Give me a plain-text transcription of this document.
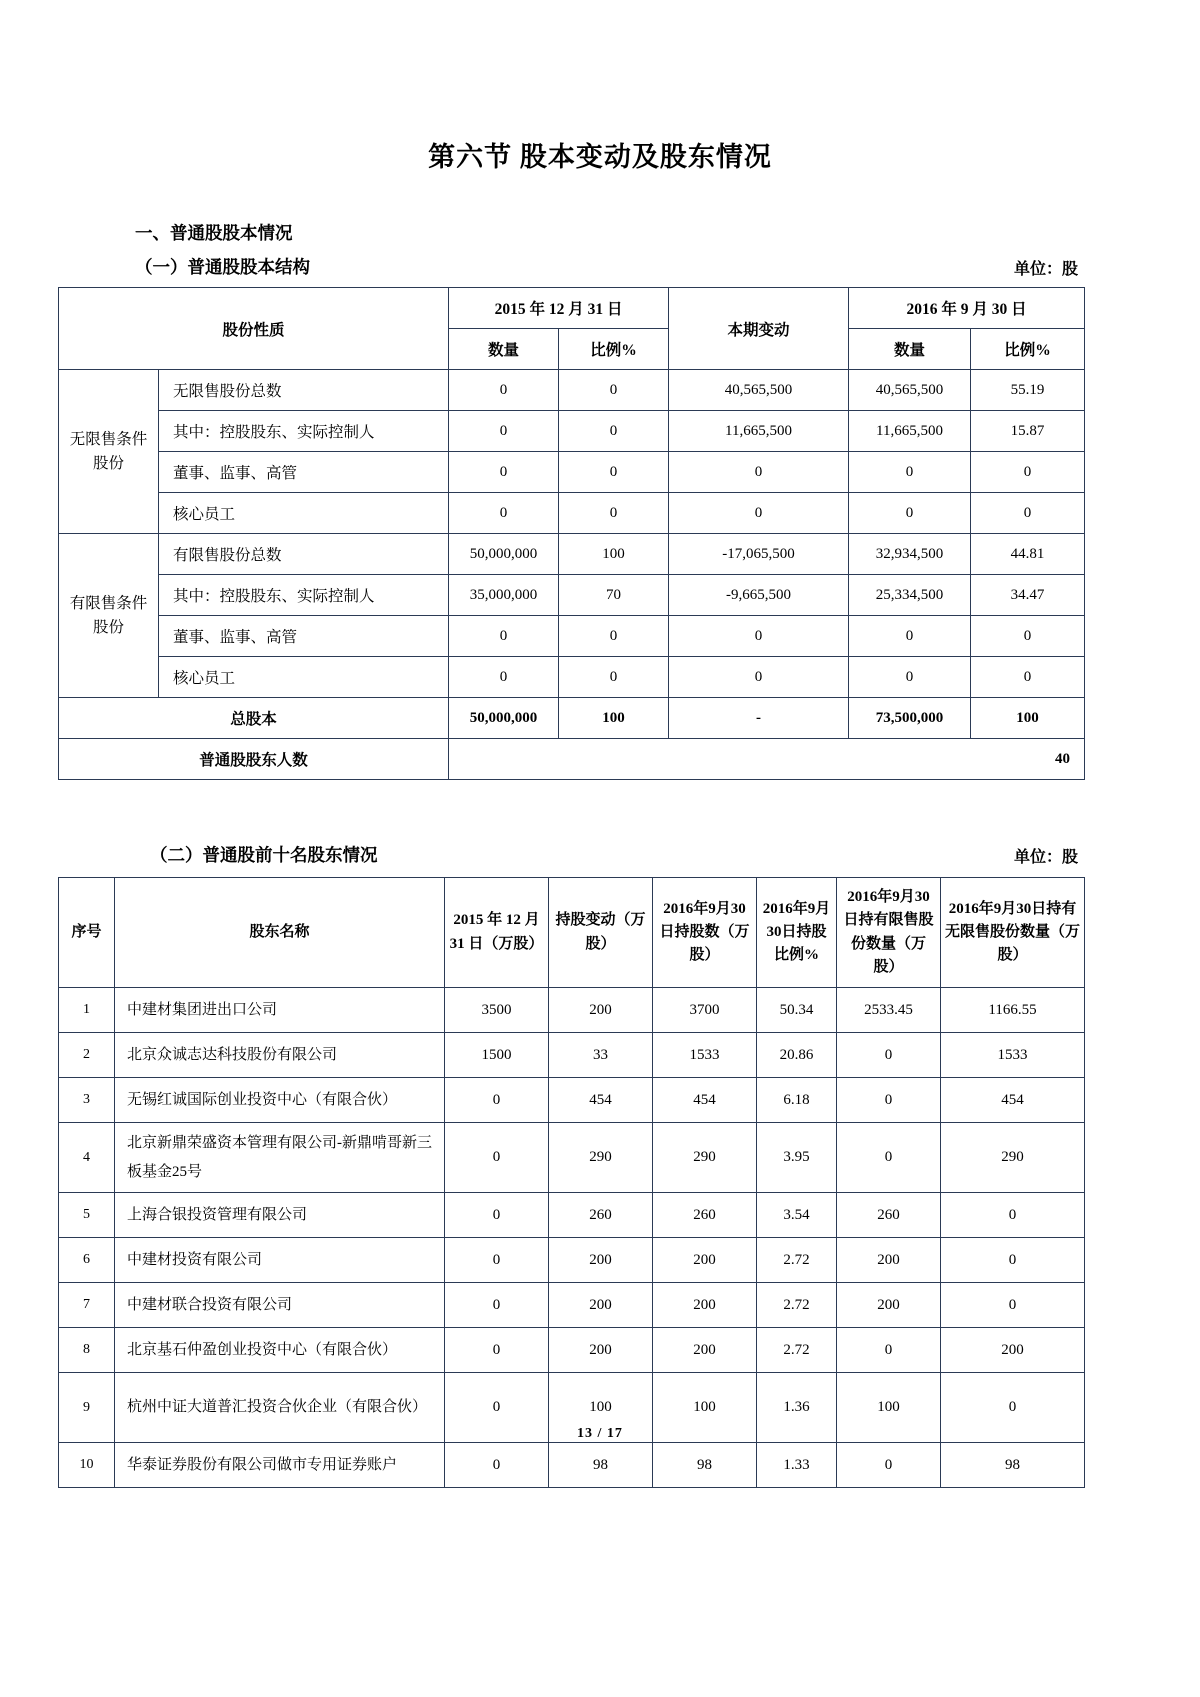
第六节 股本变动及股东情况
一、普通股股本情况
（一）普通股股本结构	单位：股
股份性质		2015 年 12 月 31 日		本期变动	2016 年 9 月 30 日	
		数量	比例%		数量	比例%
无限售条件股份	无限售股份总数	0	0	40,565,500	40,565,500	55.19
	其中：控股股东、实际控制人	0	0	11,665,500	11,665,500	15.87
	董事、监事、高管	0	0	0	0	0
	核心员工	0	0	0	0	0
有限售条件股份	有限售股份总数	50,000,000	100	-17,065,500	32,934,500	44.81
	其中：控股股东、实际控制人	35,000,000	70	-9,665,500	25,334,500	34.47
	董事、监事、高管	0	0	0	0	0
	核心员工	0	0	0	0	0
总股本		50,000,000	100	-	73,500,000	100
普通股股东人数		40				
（二）普通股前十名股东情况	单位：股
序号	股东名称	2015 年 12 月 31 日（万股）	持股变动（万股）	2016年9月30日持股数（万股）	2016年9月30日持股比例%	2016年9月30日持有限售股份数量（万股）	2016年9月30日持有无限售股份数量（万股）
1	中建材集团进出口公司	3500	200	3700	50.34	2533.45	1166.55
2	北京众诚志达科技股份有限公司	1500	33	1533	20.86	0	1533
3	无锡红诚国际创业投资中心（有限合伙）	0	454	454	6.18	0	454
4	北京新鼎荣盛资本管理有限公司-新鼎啃哥新三板基金25号	0	290	290	3.95	0	290
5	上海合银投资管理有限公司	0	260	260	3.54	260	0
6	中建材投资有限公司	0	200	200	2.72	200	0
7	中建材联合投资有限公司	0	200	200	2.72	200	0
8	北京基石仲盈创业投资中心（有限合伙）	0	200	200	2.72	0	200
9	杭州中证大道普汇投资合伙企业（有限合伙）	0	100	100	1.36	100	0
10	华泰证券股份有限公司做市专用证券账户	0	98	98	1.33	0	98
13 / 17
